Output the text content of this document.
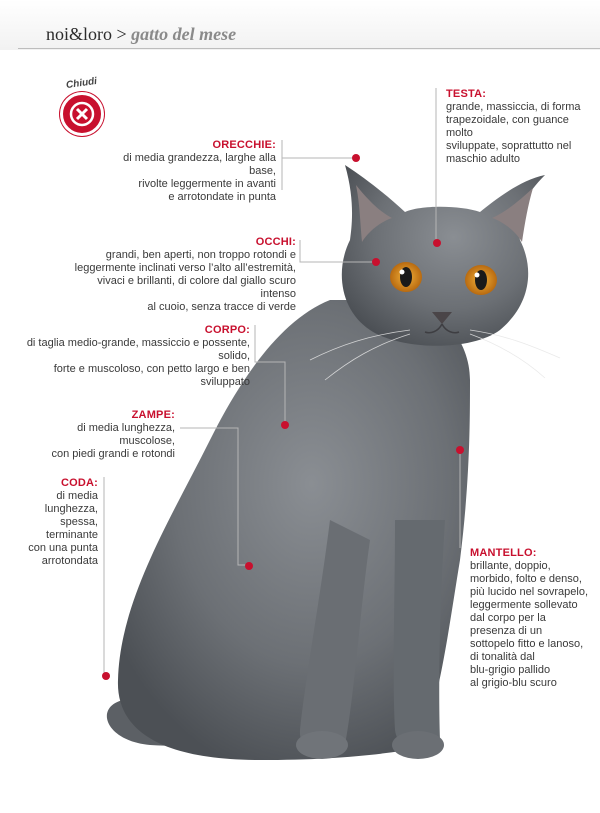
noi&loro > gatto del mese
Chiudi
ORECCHIE:
di media grandezza, larghe alla base,
rivolte leggermente in avanti
e arrotondate in punta
TESTA:
grande, massiccia, di forma
trapezoidale, con guance molto
sviluppate, soprattutto nel
maschio adulto
OCCHI:
grandi, ben aperti, non troppo rotondi e
leggermente inclinati verso l’alto all’estremità,
vivaci e brillanti, di colore dal giallo scuro intenso
al cuoio, senza tracce di verde
CORPO:
di taglia medio-grande, massiccio e possente, solido,
forte e muscoloso, con petto largo e ben sviluppato
ZAMPE:
di media lunghezza, muscolose,
con piedi grandi e rotondi
CODA:
di media
lunghezza,
spessa,
terminante
con una punta
arrotondata
MANTELLO:
brillante, doppio,
morbido, folto e denso,
più lucido nel sovrapelo,
leggermente sollevato
dal corpo per la
presenza di un
sottopelo fitto e lanoso,
di tonalità dal
blu-grigio pallido
al grigio-blu scuro
